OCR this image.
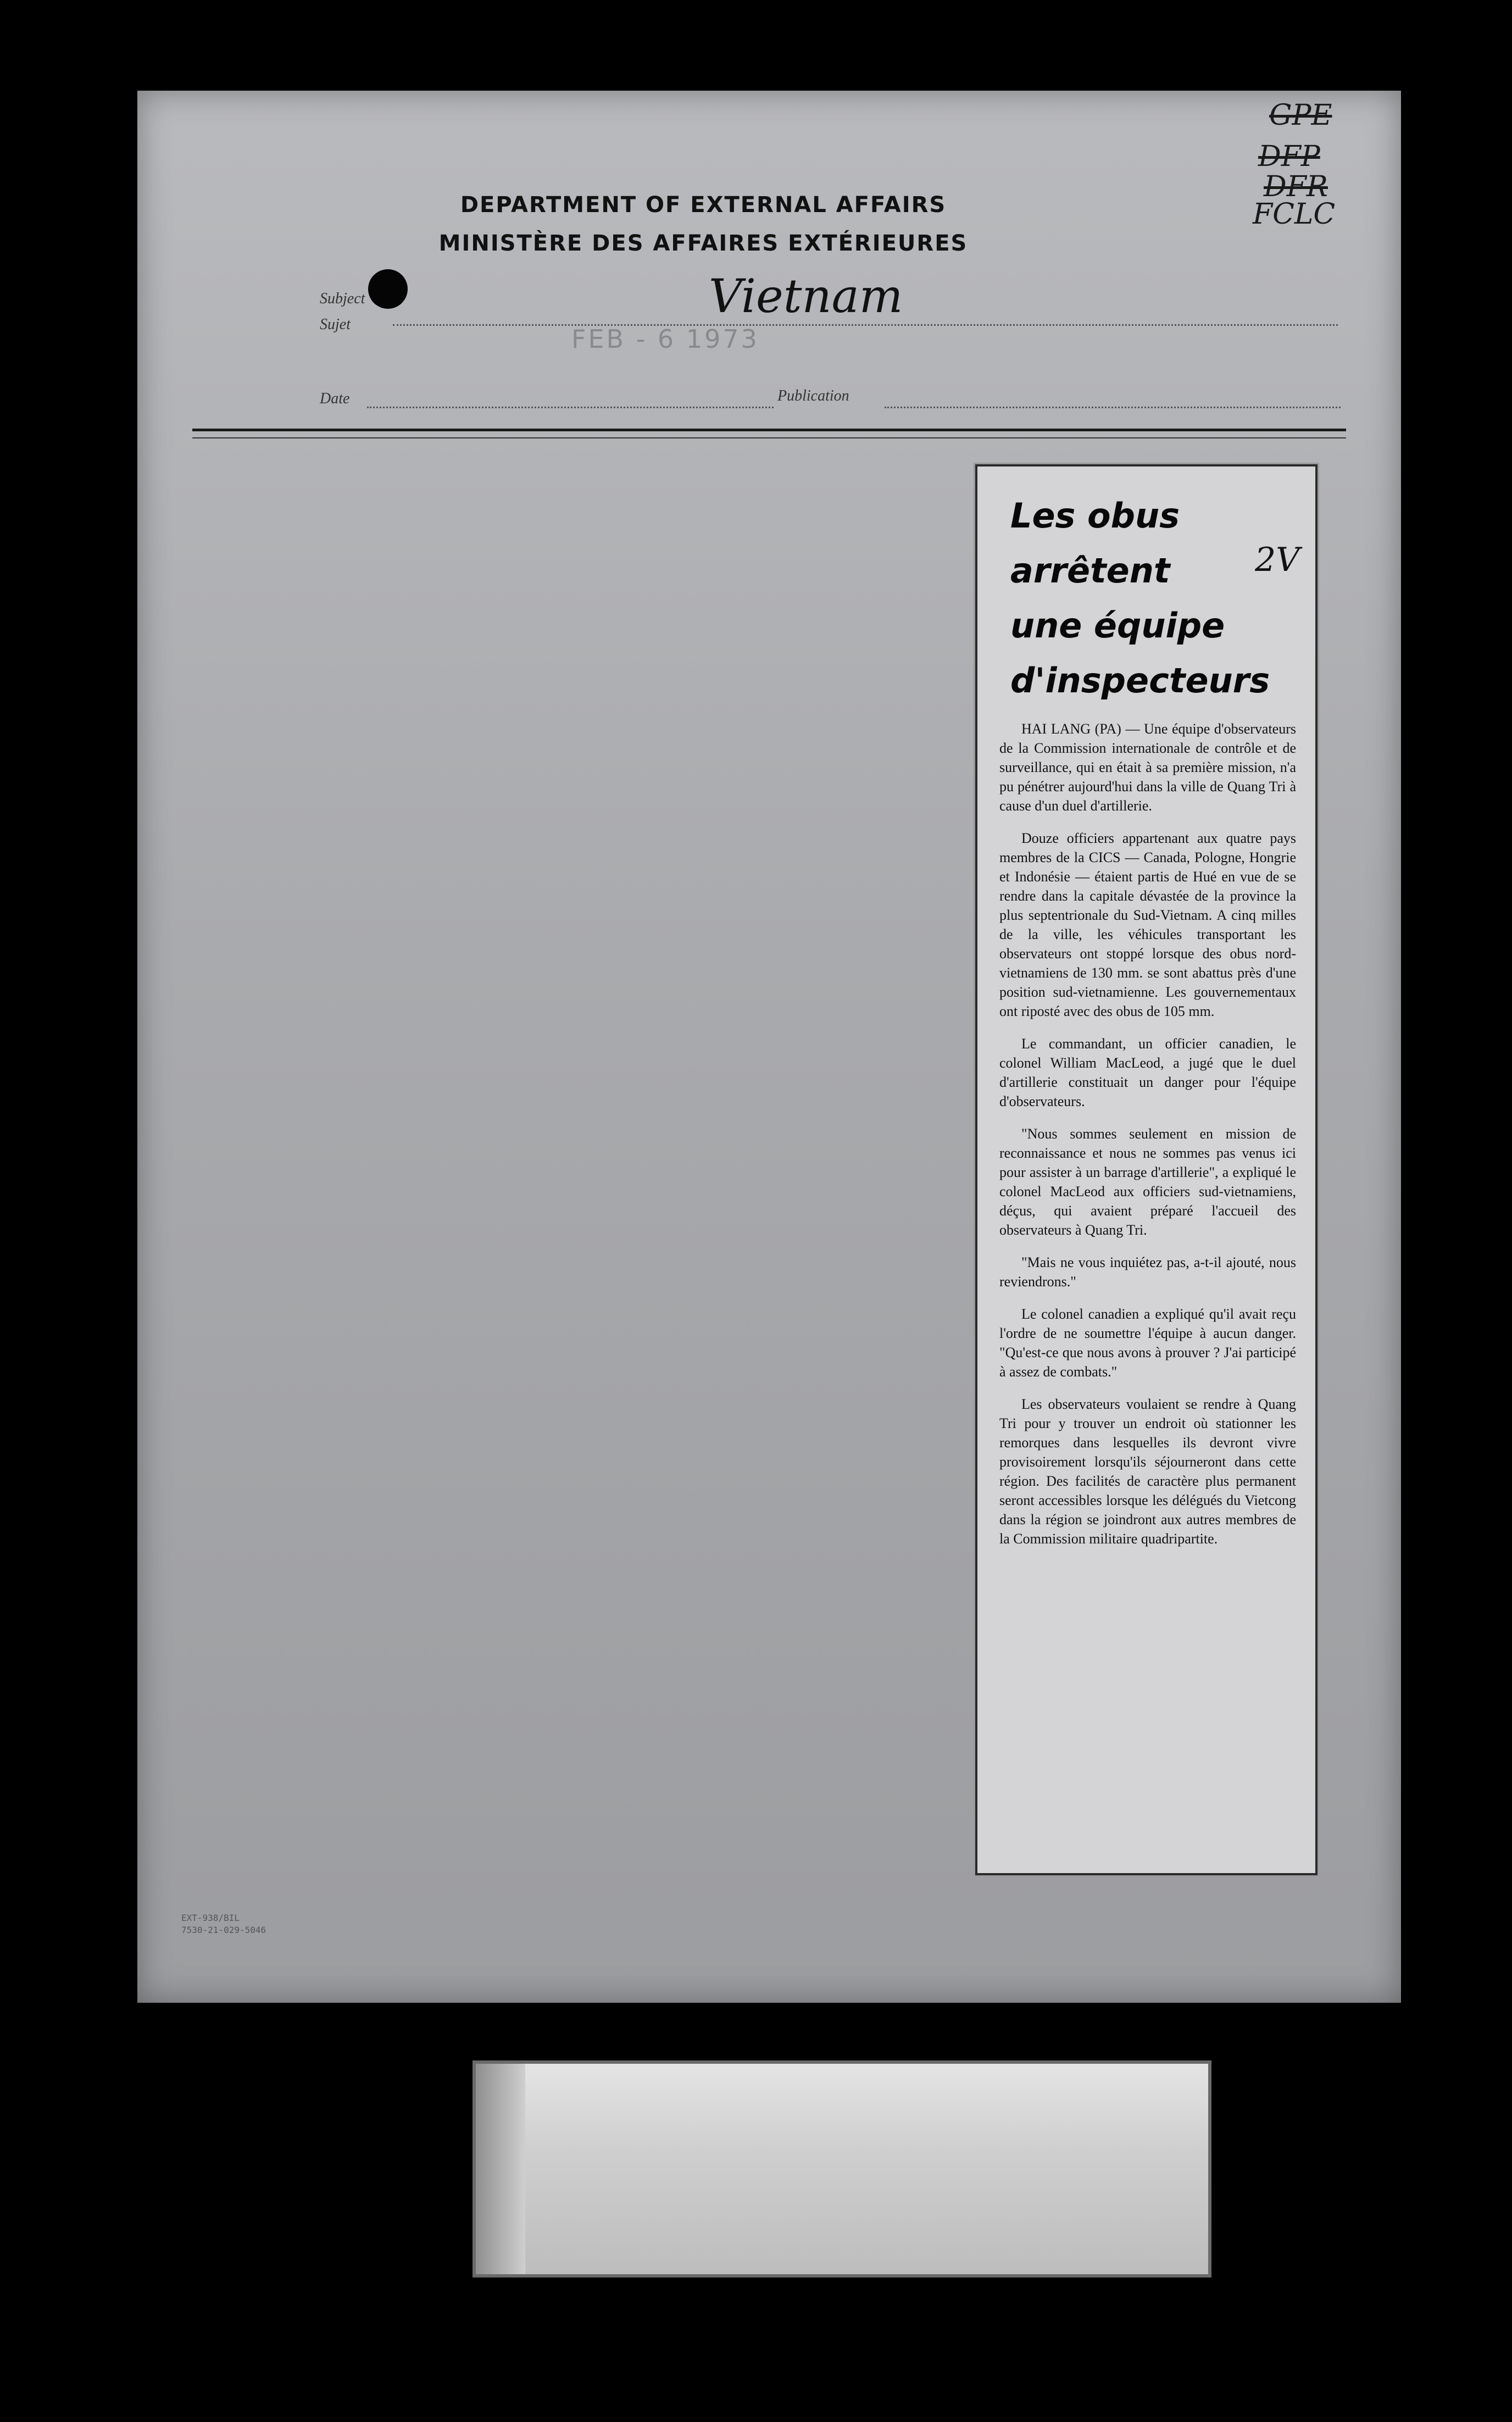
DEPARTMENT OF EXTERNAL AFFAIRS
MINISTÈRE DES AFFAIRES EXTÉRIEURES
Subject
Sujet
Vietnam
FEB - 6 1973
Date	Publication
GPE
DFP
DFR
FCLC
EXT-938/BIL
7530-21-029-5046
Les obus
arrêtent
une équipe
d'inspecteurs
2V

HAI LANG (PA) — Une équipe d'observateurs de la Commission internationale de contrôle et de surveillance, qui en était à sa première mission, n'a pu pénétrer aujourd'hui dans la ville de Quang Tri à cause d'un duel d'artillerie.

Douze officiers appartenant aux quatre pays membres de la CICS — Canada, Pologne, Hongrie et Indonésie — étaient partis de Hué en vue de se rendre dans la capitale dévastée de la province la plus septentrionale du Sud-Vietnam. A cinq milles de la ville, les véhicules transportant les observateurs ont stoppé lorsque des obus nord-vietnamiens de 130 mm. se sont abattus près d'une position sud-vietnamienne. Les gouvernementaux ont riposté avec des obus de 105 mm.

Le commandant, un officier canadien, le colonel William MacLeod, a jugé que le duel d'artillerie constituait un danger pour l'équipe d'observateurs.

"Nous sommes seulement en mission de reconnaissance et nous ne sommes pas venus ici pour assister à un barrage d'artillerie", a expliqué le colonel MacLeod aux officiers sud-vietnamiens, déçus, qui avaient préparé l'accueil des observateurs à Quang Tri.

"Mais ne vous inquiétez pas, a-t-il ajouté, nous reviendrons."

Le colonel canadien a expliqué qu'il avait reçu l'ordre de ne soumettre l'équipe à aucun danger. "Qu'est-ce que nous avons à prouver ? J'ai participé à assez de combats."

Les observateurs voulaient se rendre à Quang Tri pour y trouver un endroit où stationner les remorques dans lesquelles ils devront vivre provisoirement lorsqu'ils séjourneront dans cette région. Des facilités de caractère plus permanent seront accessibles lorsque les délégués du Vietcong dans la région se joindront aux autres membres de la Commission militaire quadripartite.
